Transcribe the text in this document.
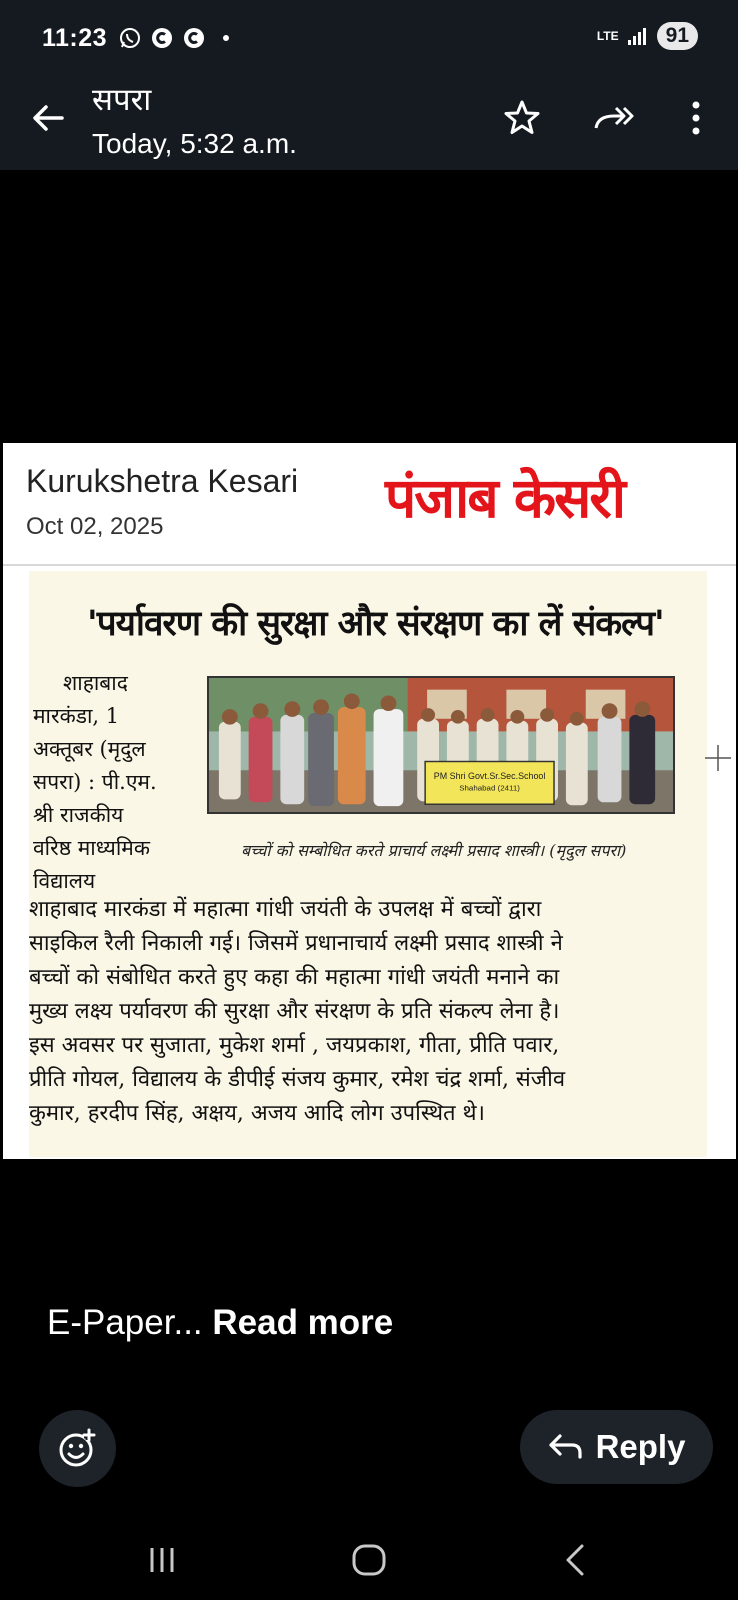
11:23	LTE	91
सपरा
Today, 5:32 a.m.
Kurukshetra Kesari
Oct 02, 2025	पंजाब केसरी
'पर्यावरण की सुरक्षा और संरक्षण का लें संकल्प'
शाहाबाद
मारकंडा, 1
अक्तूबर (मृदुल
सपरा) : पी.एम.
श्री राजकीय
वरिष्ठ माध्यमिक
विद्यालय
PM Shri Govt.Sr.Sec.School
Shahabad (2411)
बच्चों को सम्बोधित करते प्राचार्य लक्ष्मी प्रसाद शास्त्री। (मृदुल सपरा)
शाहाबाद मारकंडा में महात्मा गांधी जयंती के उपलक्ष में बच्चों द्वारा
साइकिल रैली निकाली गई। जिसमें प्रधानाचार्य लक्ष्मी प्रसाद शास्त्री ने
बच्चों को संबोधित करते हुए कहा की महात्मा गांधी जयंती मनाने का
मुख्य लक्ष्य पर्यावरण की सुरक्षा और संरक्षण के प्रति संकल्प लेना है।
इस अवसर पर सुजाता, मुकेश शर्मा , जयप्रकाश, गीता, प्रीति पवार,
प्रीति गोयल, विद्यालय के डीपीई संजय कुमार, रमेश चंद्र शर्मा, संजीव
कुमार, हरदीप सिंह, अक्षय, अजय आदि लोग उपस्थित थे।
E-Paper... Read more
Reply
